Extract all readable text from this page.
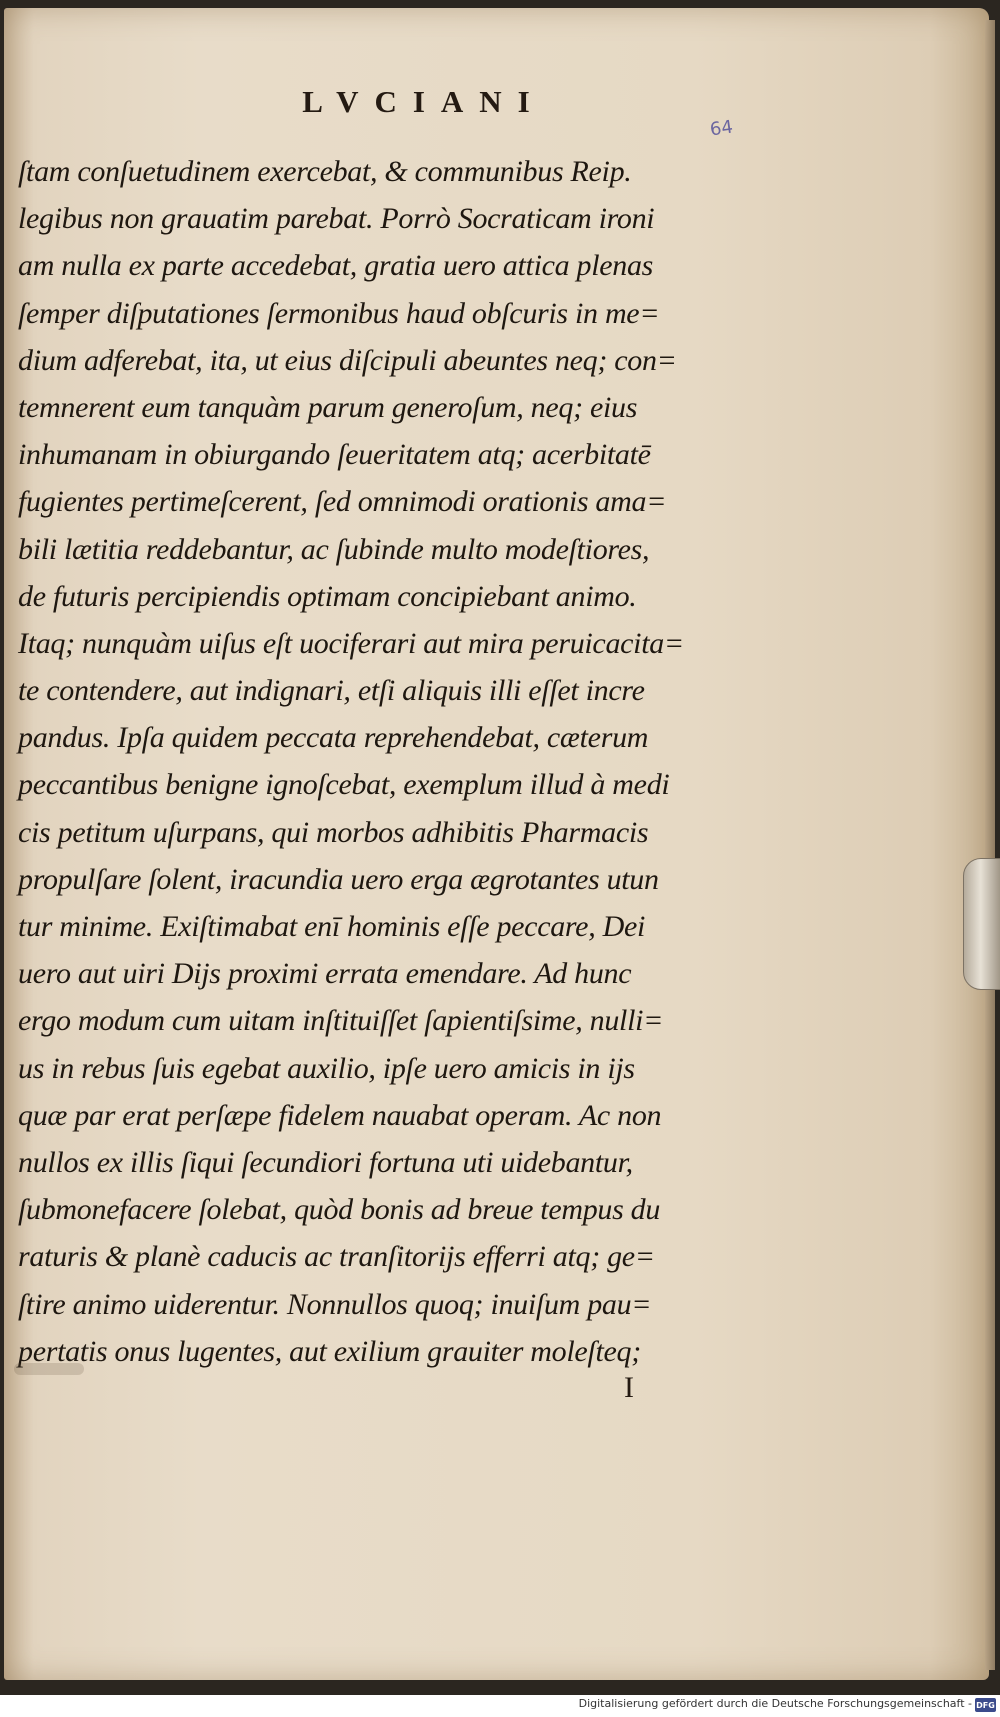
LVCIANI
64
ſtam conſuetudinem exercebat, & communibus Reip.
legibus non grauatim parebat. Porrò Socraticam ironi
am nulla ex parte accedebat, gratia uero attica plenas
ſemper diſputationes ſermonibus haud obſcuris in me=
dium adferebat, ita, ut eius diſcipuli abeuntes neq; con=
temnerent eum tanquàm parum generoſum, neq; eius
inhumanam in obiurgando ſeueritatem atq; acerbitatē
fugientes pertimeſcerent, ſed omnimodi orationis ama=
bili lætitia reddebantur, ac ſubinde multo modeſtiores,
de futuris percipiendis optimam concipiebant animo.
Itaq; nunquàm uiſus eſt uociferari aut mira peruicacita=
te contendere, aut indignari, etſi aliquis illi eſſet incre
pandus. Ipſa quidem peccata reprehendebat, cæterum
peccantibus benigne ignoſcebat, exemplum illud à medi
cis petitum uſurpans, qui morbos adhibitis Pharmacis
propulſare ſolent, iracundia uero erga ægrotantes utun
tur minime. Exiſtimabat enī hominis eſſe peccare, Dei
uero aut uiri Dijs proximi errata emendare. Ad hunc
ergo modum cum uitam inſtituiſſet ſapientiſsime, nulli=
us in rebus ſuis egebat auxilio, ipſe uero amicis in ijs
quæ par erat perſæpe fidelem nauabat operam. Ac non
nullos ex illis ſiqui ſecundiori fortuna uti uidebantur,
ſubmonefacere ſolebat, quòd bonis ad breue tempus du
raturis & planè caducis ac tranſitorijs efferri atq; ge=
ſtire animo uiderentur. Nonnullos quoq; inuiſum pau=
pertatis onus lugentes, aut exilium grauiter moleſteq;
I
Digitalisierung gefördert durch die Deutsche Forschungsgemeinschaft - DFG
